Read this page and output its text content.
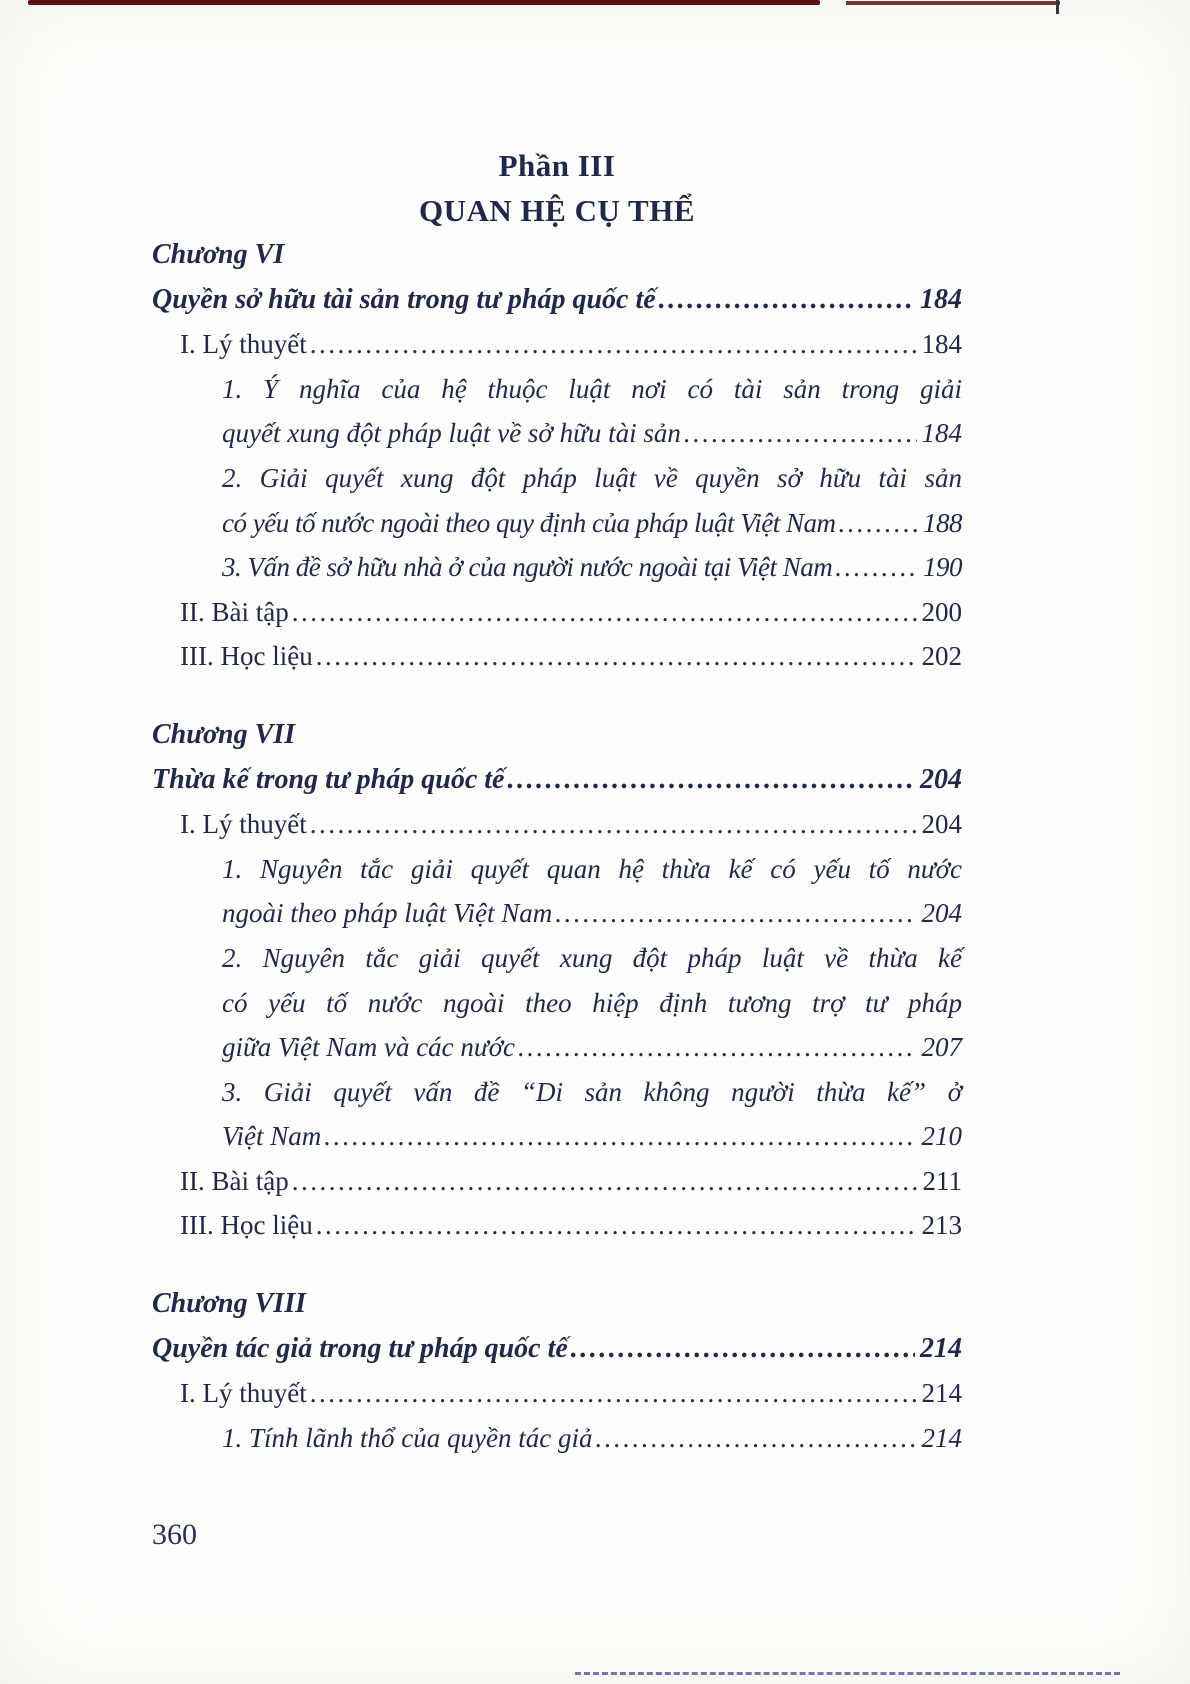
Phần III
QUAN HỆ CỤ THỂ
Chương VI
Quyền sở hữu tài sản trong tư pháp quốc tế .....	184
I. Lý thuyết .....	184
1. Ý nghĩa của hệ thuộc luật nơi có tài sản trong giải
quyết xung đột pháp luật về sở hữu tài sản .....	184
2. Giải quyết xung đột pháp luật về quyền sở hữu tài sản
có yếu tố nước ngoài theo quy định của pháp luật Việt Nam .....	188
3. Vấn đề sở hữu nhà ở của người nước ngoài tại Việt Nam .....	190
II. Bài tập .....	200
III. Học liệu .....	202
Chương VII
Thừa kế trong tư pháp quốc tế .....	204
I. Lý thuyết .....	204
1. Nguyên tắc giải quyết quan hệ thừa kế có yếu tố nước
ngoài theo pháp luật Việt Nam .....	204
2. Nguyên tắc giải quyết xung đột pháp luật về thừa kế
có yếu tố nước ngoài theo hiệp định tương trợ tư pháp
giữa Việt Nam và các nước .....	207
3. Giải quyết vấn đề “Di sản không người thừa kế” ở
Việt Nam .....	210
II. Bài tập .....	211
III. Học liệu .....	213
Chương VIII
Quyền tác giả trong tư pháp quốc tế .....	214
I. Lý thuyết .....	214
1. Tính lãnh thổ của quyền tác giả .....	214
360
